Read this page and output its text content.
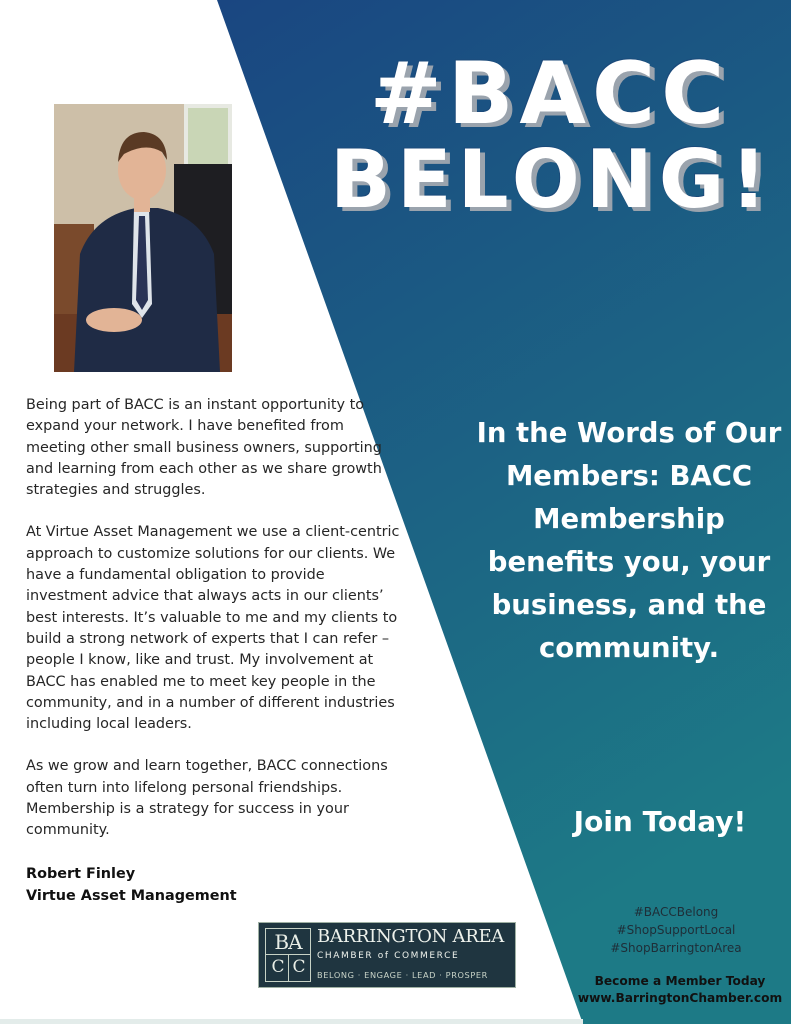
#BACC
BELONG!

Being part of BACC is an instant opportunity to expand your network. I have benefited from meeting other small business owners, supporting and learning from each other as we share growth strategies and struggles.

At Virtue Asset Management we use a client-centric approach to customize solutions for our clients. We have a fundamental obligation to provide investment advice that always acts in our clients’ best interests. It’s valuable to me and my clients to build a strong network of experts that I can refer – people I know, like and trust. My involvement at BACC has enabled me to meet key people in the community, and in a number of different industries including local leaders.

As we grow and learn together, BACC connections often turn into lifelong personal friendships. Membership is a strategy for success in your community.

Robert Finley
Virtue Asset Management
In the Words of Our Members: BACC Membership benefits you, your business, and the community.
Join Today!
#BACCBelong
#ShopSupportLocal
#ShopBarringtonArea
Become a Member Today
www.BarringtonChamber.com
BA
C C
BARRINGTON AREA
CHAMBER of COMMERCE
BELONG · ENGAGE · LEAD · PROSPER
